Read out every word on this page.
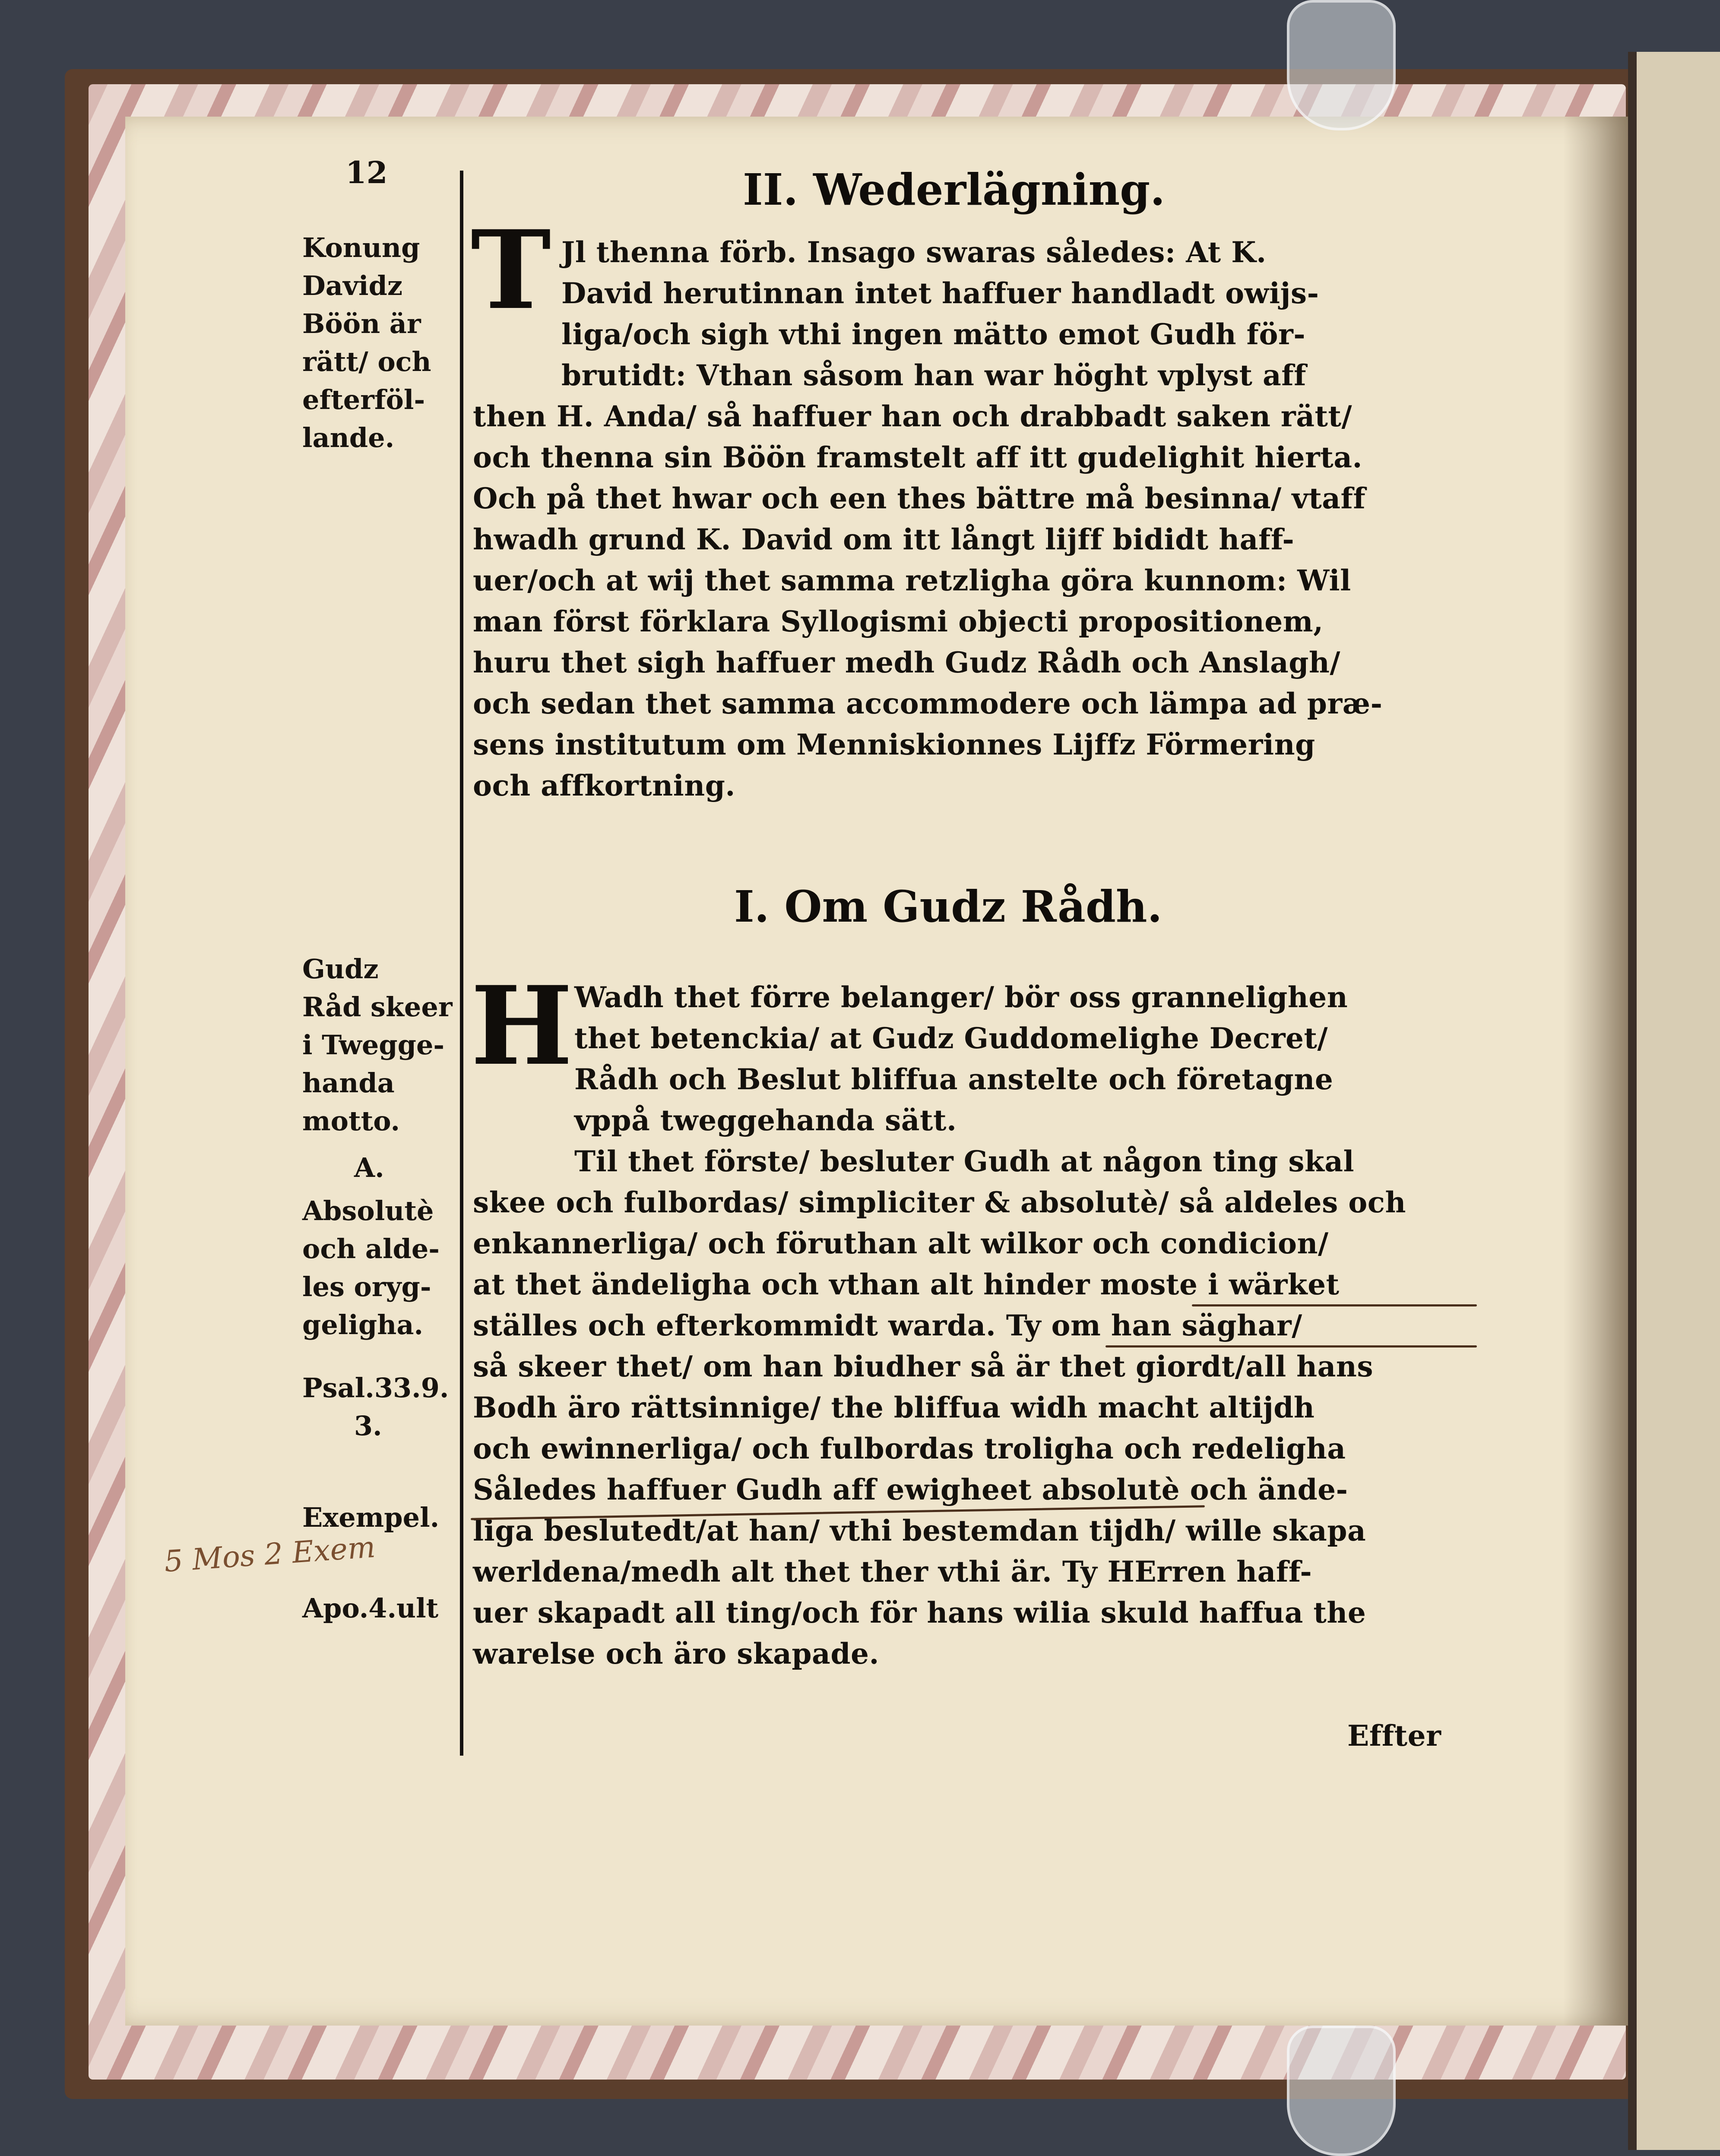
12
Konung
Davidz
Böön är
rätt/ och
efterföl-
lande.
Gudz
Råd skeer
i Twegge-
handa
motto.
A.
Absolutè
och alde-
les oryg-
geligha.
Psal.33.9.
3.
Exempel.
Apo.4.ult
5 Mos 2 Exem
II. Wederlägning.
T Jl thenna förb. Insago swaras således: At K.
David herutinnan intet haffuer handladt owijs-
liga/och sigh vthi ingen mätto emot Gudh för-
brutidt: Vthan såsom han war höght vplyst aff
then H. Anda/ så haffuer han och drabbadt saken rätt/
och thenna sin Böön framstelt aff itt gudelighit hierta.
Och på thet hwar och een thes bättre må besinna/ vtaff
hwadh grund K. David om itt långt lijff bididt haff-
uer/och at wij thet samma retzligha göra kunnom: Wil
man först förklara Syllogismi objecti propositionem,
huru thet sigh haffuer medh Gudz Rådh och Anslagh/
och sedan thet samma accommodere och lämpa ad præ-
sens institutum om Menniskionnes Lijffz Förmering
och affkortning.
I. Om Gudz Rådh.
H Wadh thet förre belanger/ bör oss grannelighen
thet betenckia/ at Gudz Guddomelighe Decret/
Rådh och Beslut bliffua anstelte och företagne
vppå tweggehanda sätt.
Til thet förste/ besluter Gudh at någon ting skal
skee och fulbordas/ simpliciter & absolutè/ så aldeles och
enkannerliga/ och föruthan alt wilkor och condicion/
at thet ändeligha och vthan alt hinder moste i wärket
ställes och efterkommidt warda. Ty om han säghar/
så skeer thet/ om han biudher så är thet giordt/all hans
Bodh äro rättsinnige/ the bliffua widh macht altijdh
och ewinnerliga/ och fulbordas troligha och redeligha
Således haffuer Gudh aff ewigheet absolutè och ände-
liga beslutedt/at han/ vthi bestemdan tijdh/ wille skapa
werldena/medh alt thet ther vthi är. Ty HErren haff-
uer skapadt all ting/och för hans wilia skuld haffua the
warelse och äro skapade.
Effter
